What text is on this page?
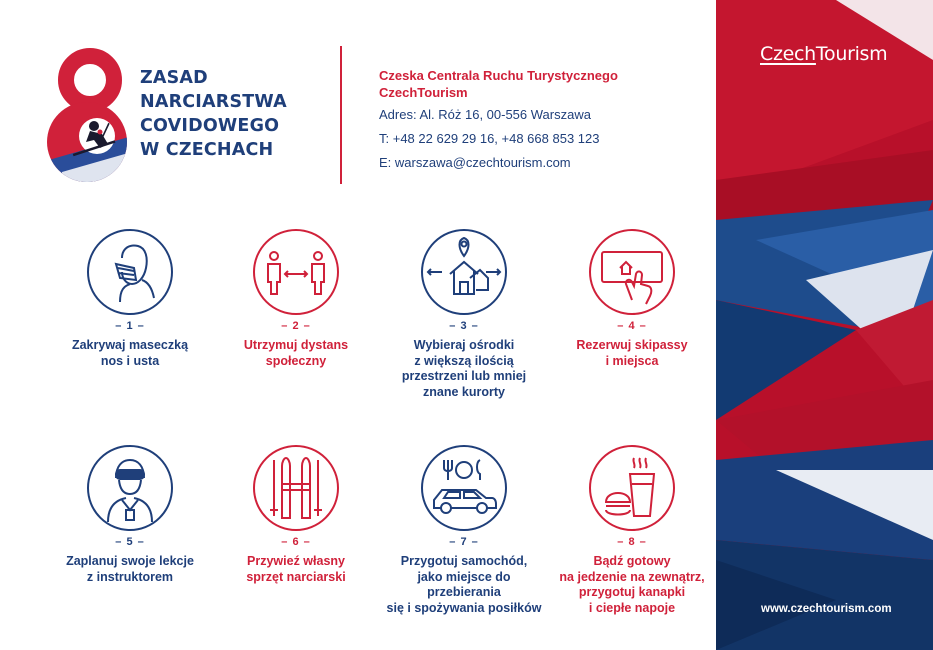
ZASAD
NARCIARSTWA
COVIDOWEGO
W CZECHACH
Czeska Centrala Ruchu Turystycznego
CzechTourism
Adres: Al. Róż 16, 00-556 Warszawa
T: +48 22 629 29 16, +48 668 853 123
E: warszawa@czechtourism.com
– 1 –
Zakrywaj maseczką
nos i usta
– 2 –
Utrzymuj dystans
społeczny
– 3 –
Wybieraj ośrodki
z większą ilością
przestrzeni lub mniej
znane kurorty
– 4 –
Rezerwuj skipassy
i miejsca
– 5 –
Zaplanuj swoje lekcje
z instruktorem
– 6 –
Przywieź własny
sprzęt narciarski
– 7 –
Przygotuj samochód,
jako miejsce do przebierania
się i spożywania posiłków
– 8 –
Bądź gotowy
na jedzenie na zewnątrz,
przygotuj kanapki
i ciepłe napoje
CzechTourism
www.czechtourism.com
